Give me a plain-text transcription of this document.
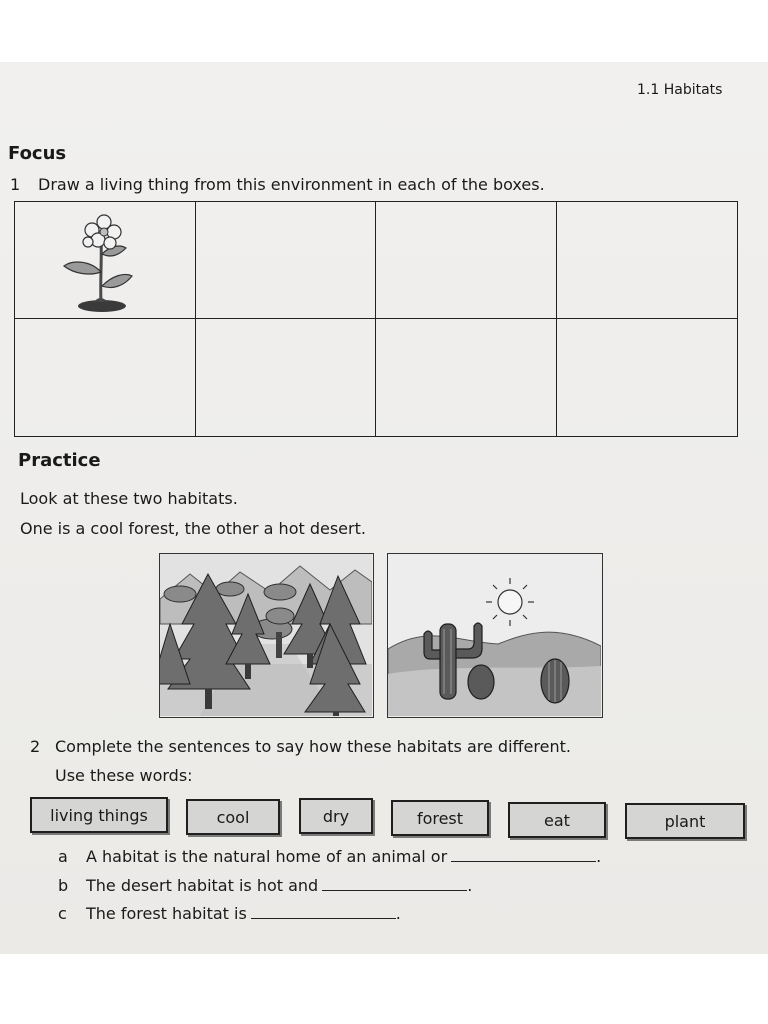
1.1 Habitats
Focus
1 Draw a living thing from this environment in each of the boxes.
Practice
Look at these two habitats.
One is a cool forest, the other a hot desert.
2 Complete the sentences to say how these habitats are different.
Use these words:
living things	cool	dry	forest	eat	plant
a A habitat is the natural home of an animal or	.
b The desert habitat is hot and	.
c The forest habitat is	.
